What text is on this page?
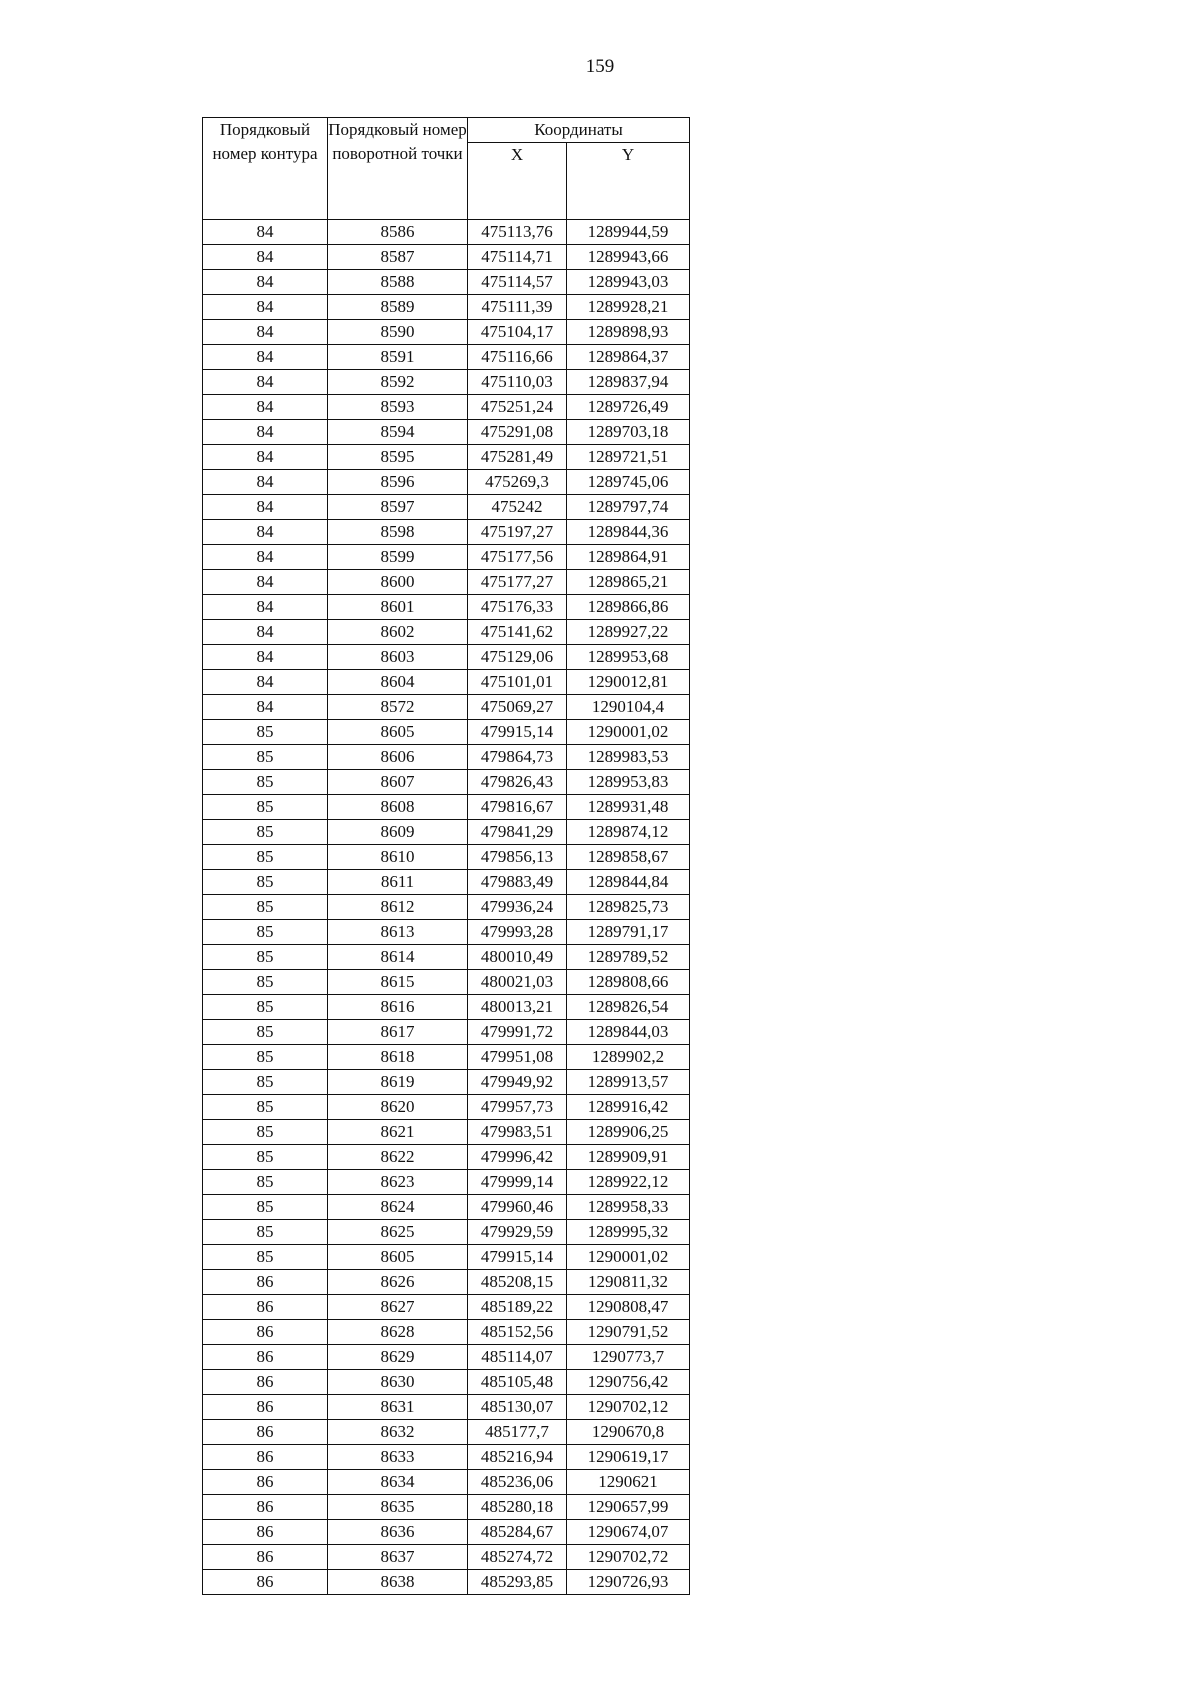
159
Порядковый номер контура	Порядковый номер поворотной точки	Координаты	
		X	Y
84	8586	475113,76	1289944,59
84	8587	475114,71	1289943,66
84	8588	475114,57	1289943,03
84	8589	475111,39	1289928,21
84	8590	475104,17	1289898,93
84	8591	475116,66	1289864,37
84	8592	475110,03	1289837,94
84	8593	475251,24	1289726,49
84	8594	475291,08	1289703,18
84	8595	475281,49	1289721,51
84	8596	475269,3	1289745,06
84	8597	475242	1289797,74
84	8598	475197,27	1289844,36
84	8599	475177,56	1289864,91
84	8600	475177,27	1289865,21
84	8601	475176,33	1289866,86
84	8602	475141,62	1289927,22
84	8603	475129,06	1289953,68
84	8604	475101,01	1290012,81
84	8572	475069,27	1290104,4
85	8605	479915,14	1290001,02
85	8606	479864,73	1289983,53
85	8607	479826,43	1289953,83
85	8608	479816,67	1289931,48
85	8609	479841,29	1289874,12
85	8610	479856,13	1289858,67
85	8611	479883,49	1289844,84
85	8612	479936,24	1289825,73
85	8613	479993,28	1289791,17
85	8614	480010,49	1289789,52
85	8615	480021,03	1289808,66
85	8616	480013,21	1289826,54
85	8617	479991,72	1289844,03
85	8618	479951,08	1289902,2
85	8619	479949,92	1289913,57
85	8620	479957,73	1289916,42
85	8621	479983,51	1289906,25
85	8622	479996,42	1289909,91
85	8623	479999,14	1289922,12
85	8624	479960,46	1289958,33
85	8625	479929,59	1289995,32
85	8605	479915,14	1290001,02
86	8626	485208,15	1290811,32
86	8627	485189,22	1290808,47
86	8628	485152,56	1290791,52
86	8629	485114,07	1290773,7
86	8630	485105,48	1290756,42
86	8631	485130,07	1290702,12
86	8632	485177,7	1290670,8
86	8633	485216,94	1290619,17
86	8634	485236,06	1290621
86	8635	485280,18	1290657,99
86	8636	485284,67	1290674,07
86	8637	485274,72	1290702,72
86	8638	485293,85	1290726,93
